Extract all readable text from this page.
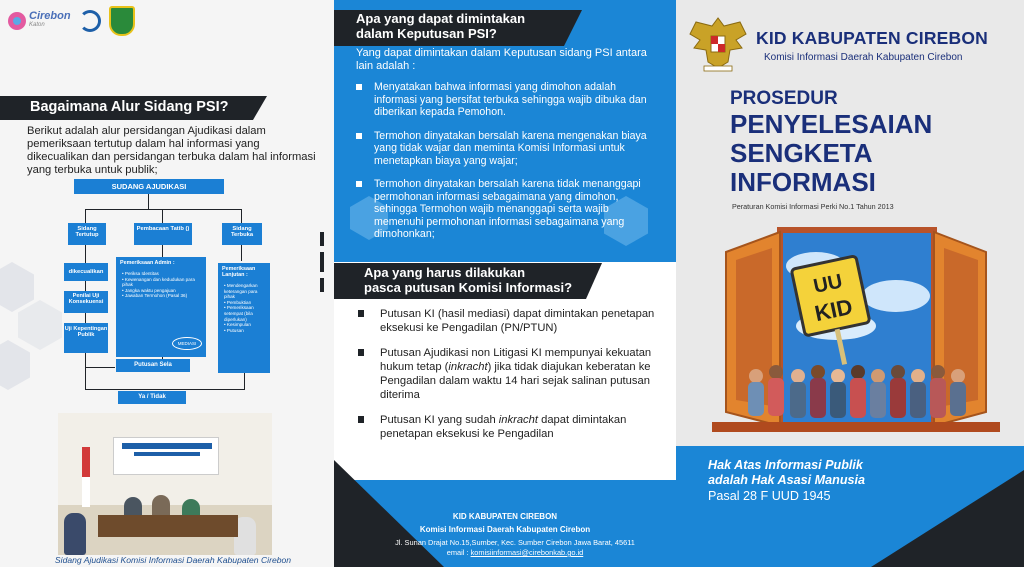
Cirebon
Katon
Bagaimana Alur Sidang PSI?

Berikut adalah alur persidangan Ajudikasi dalam pemeriksaan tertutup dalam hal informasi yang dikecualikan dan persidangan terbuka dalam hal informasi yang terbuka untuk publik;

SUDANG AJUDIKASI
Sidang Tertutup
Pembacaan Tatib ()	Sidang Terbuka
dikecualikan
Penilai Uji Konsekuensi
Uji Kepentingan Publik
Pemeriksaan Admin :
• Periksa Identitas
• Kewenangan dan kedudukan para pihak
• Jangka waktu pengajuan
• Jawaban Termohon (Pasal 36)
MEDIASI
Pemeriksaan Lanjutan :
• Mendengarkan keterangan para pihak
• Pembuktian
• Pemeriksaan setempat (bila diperlukan)
• Kesimpulan
• Putusan
Putusan Sela
Ya / Tidak
Sidang Ajudikasi Komisi Informasi Daerah Kabupaten Cirebon
Apa yang dapat dimintakan
dalam Keputusan PSI?

Yang dapat dimintakan dalam Keputusan sidang PSI antara lain adalah :

Menyatakan bahwa informasi yang dimohon adalah informasi yang bersifat terbuka sehingga wajib dibuka dan diberikan kepada Pemohon.
Termohon dinyatakan bersalah karena mengenakan biaya yang tidak wajar dan meminta Komisi Informasi untuk menetapkan biaya yang wajar;
Termohon dinyatakan bersalah karena tidak menanggapi permohonan informasi sebagaimana yang dimohon, sehingga Termohon wajib menanggapi serta wajib memenuhi permohonan informasi sebagaimana yang dimohonkan;
Apa yang harus dilakukan
pasca putusan Komisi Informasi?
Putusan KI (hasil mediasi) dapat dimintakan penetapan eksekusi ke Pengadilan (PN/PTUN)
Putusan Ajudikasi non Litigasi KI mempunyai kekuatan hukum tetap (inkracht) jika tidak diajukan keberatan ke Pengadilan dalam waktu 14 hari sejak salinan putusan diterima
Putusan KI yang sudah inkracht dapat dimintakan penetapan eksekusi ke Pengadilan
KID KABUPATEN CIREBON
Komisi Informasi Daerah Kabupaten Cirebon
Jl. Sunan Drajat No.15,Sumber, Kec. Sumber Cirebon Jawa Barat, 45611
email : komisiinformasi@cirebonkab.go.id
KID KABUPATEN CIREBON
Komisi Informasi Daerah Kabupaten Cirebon
PROSEDUR
PENYELESAIAN
SENGKETA
INFORMASI
Peraturan Komisi Informasi Perki No.1 Tahun 2013
UU
KID
Hak Atas Informasi Publik
adalah Hak Asasi Manusia
Pasal 28 F UUD 1945
